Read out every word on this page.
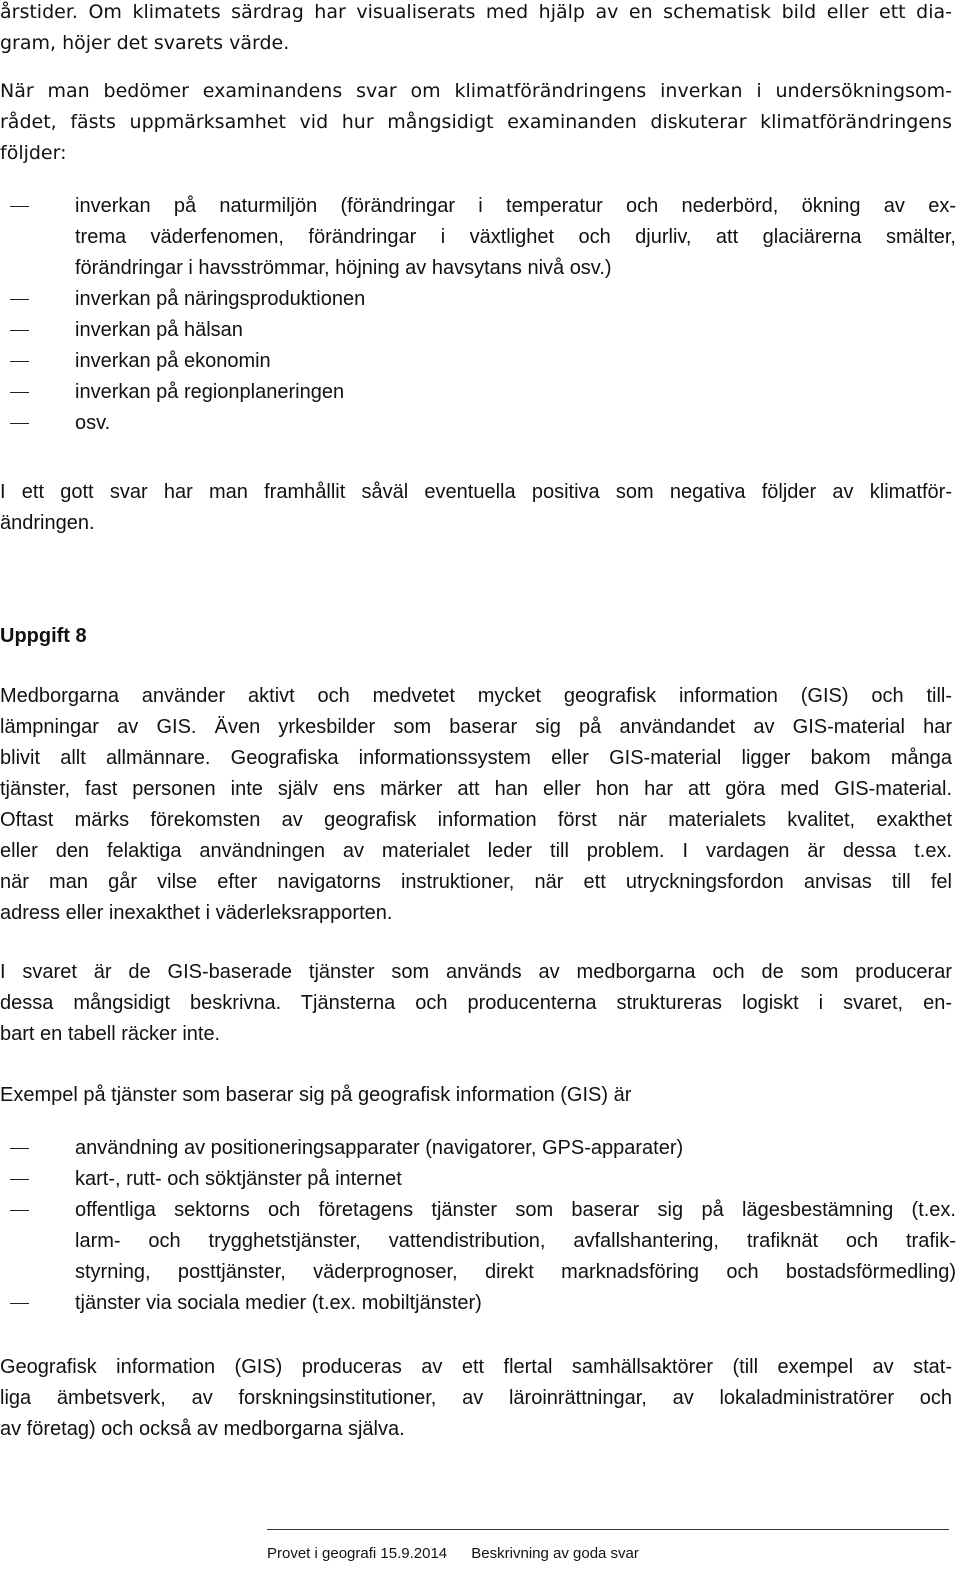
årstider. Om klimatets särdrag har visualiserats med hjälp av en schematisk bild eller ett dia-
gram, höjer det svarets värde.

När man bedömer examinandens svar om klimatförändringens inverkan i undersökningsom-
rådet, fästs uppmärksamhet vid hur mångsidigt examinanden diskuterar klimatförändringens
följder:

inverkan på naturmiljön (förändringar i temperatur och nederbörd, ökning av ex-
trema väderfenomen, förändringar i växtlighet och djurliv, att glaciärerna smälter,
förändringar i havsströmmar, höjning av havsytans nivå osv.)
inverkan på näringsproduktionen
inverkan på hälsan
inverkan på ekonomin
inverkan på regionplaneringen
osv.

I ett gott svar har man framhållit såväl eventuella positiva som negativa följder av klimatför-
ändringen.

Uppgift 8

Medborgarna använder aktivt och medvetet mycket geografisk information (GIS) och till-
lämpningar av GIS. Även yrkesbilder som baserar sig på användandet av GIS-material har
blivit allt allmännare. Geografiska informationssystem eller GIS-material ligger bakom många
tjänster, fast personen inte själv ens märker att han eller hon har att göra med GIS-material.
Oftast märks förekomsten av geografisk information först när materialets kvalitet, exakthet
eller den felaktiga användningen av materialet leder till problem. I vardagen är dessa t.ex.
när man går vilse efter navigatorns instruktioner, när ett utryckningsfordon anvisas till fel
adress eller inexakthet i väderleksrapporten.

I svaret är de GIS-baserade tjänster som används av medborgarna och de som producerar
dessa mångsidigt beskrivna. Tjänsterna och producenterna struktureras logiskt i svaret, en-
bart en tabell räcker inte.

Exempel på tjänster som baserar sig på geografisk information (GIS) är

användning av positioneringsapparater (navigatorer, GPS-apparater)
kart-, rutt- och söktjänster på internet
offentliga sektorns och företagens tjänster som baserar sig på lägesbestämning (t.ex.
larm- och trygghetstjänster, vattendistribution, avfallshantering, trafiknät och trafik-
styrning, posttjänster, väderprognoser, direkt marknadsföring och bostadsförmedling)
tjänster via sociala medier (t.ex. mobiltjänster)

Geografisk information (GIS) produceras av ett flertal samhällsaktörer (till exempel av stat-
liga ämbetsverk, av forskningsinstitutioner, av läroinrättningar, av lokaladministratörer och
av företag) och också av medborgarna själva.

Provet i geografi 15.9.2014 Beskrivning av goda svar
